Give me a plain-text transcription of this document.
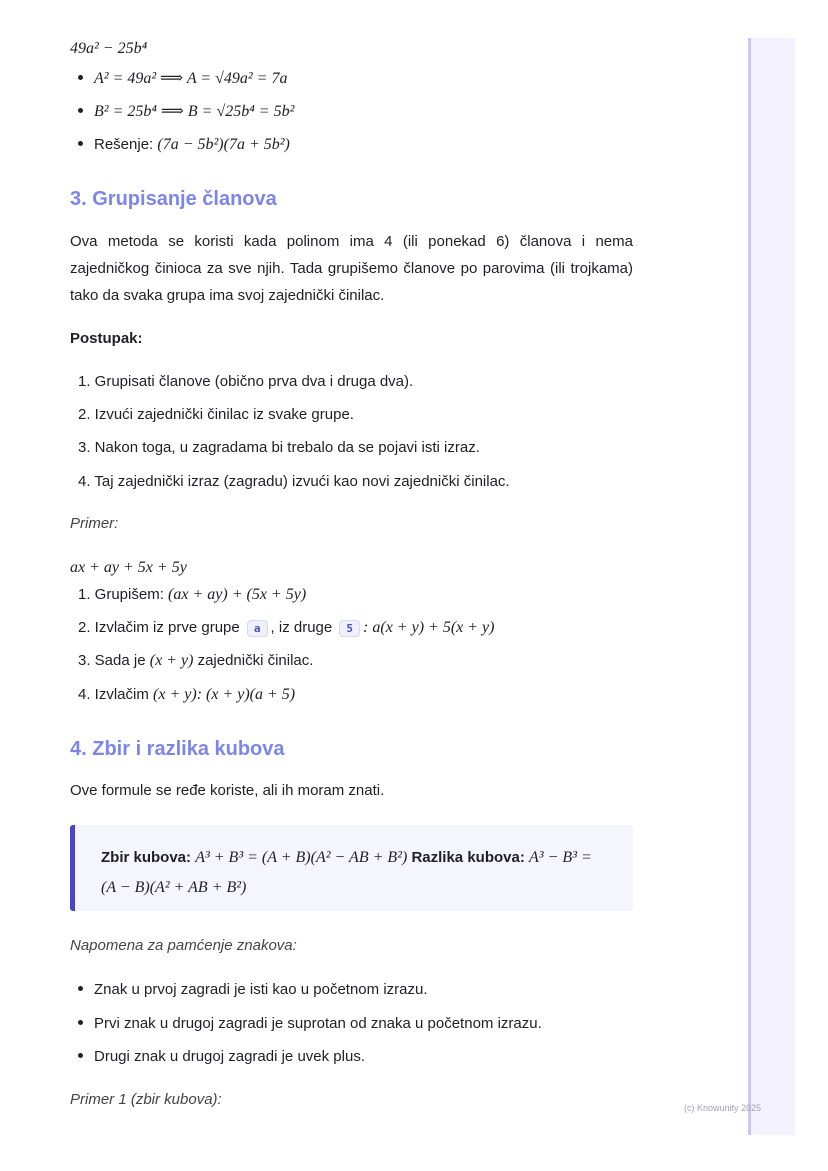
49a² − 25b⁴
A² = 49a² ⟹ A = √49a² = 7a
B² = 25b⁴ ⟹ B = √25b⁴ = 5b²
Rešenje: (7a − 5b²)(7a + 5b²)
3. Grupisanje članova
Ova metoda se koristi kada polinom ima 4 (ili ponekad 6) članova i nema zajedničkog činioca za sve njih. Tada grupišemo članove po parovima (ili trojkama) tako da svaka grupa ima svoj zajednički činilac.
Postupak:
1. Grupisati članove (obično prva dva i druga dva).
2. Izvući zajednički činilac iz svake grupe.
3. Nakon toga, u zagradama bi trebalo da se pojavi isti izraz.
4. Taj zajednički izraz (zagradu) izvući kao novi zajednički činilac.
Primer:
ax + ay + 5x + 5y
1. Grupišem: (ax + ay) + (5x + 5y)
2. Izvlačim iz prve grupe a , iz druge 5 : a(x + y) + 5(x + y)
3. Sada je (x + y) zajednički činilac.
4. Izvlačim (x + y): (x + y)(a + 5)
4. Zbir i razlika kubova
Ove formule se ređe koriste, ali ih moram znati.
Zbir kubova: A³ + B³ = (A + B)(A² − AB + B²) Razlika kubova: A³ − B³ = (A − B)(A² + AB + B²)
Napomena za pamćenje znakova:
Znak u prvoj zagradi je isti kao u početnom izrazu.
Prvi znak u drugoj zagradi je suprotan od znaka u početnom izrazu.
Drugi znak u drugoj zagradi je uvek plus.
Primer 1 (zbir kubova):	(c) Knowunity 2025
